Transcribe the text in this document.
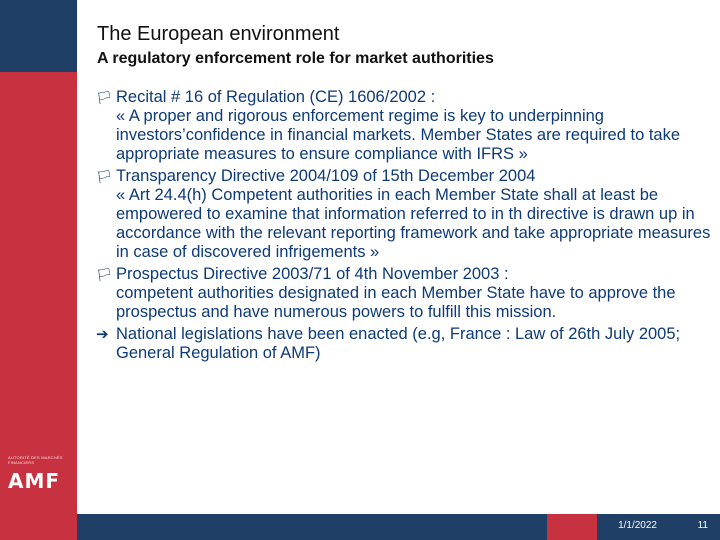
AUTORITÉ DES MARCHÉS FINANCIERS
AMF
The European environment
A regulatory enforcement role for market authorities
🏳︎ Recital # 16 of Regulation (CE) 1606/2002 :
« A proper and rigorous enforcement regime is key to underpinning investors’confidence in financial markets. Member States are required to take appropriate measures to ensure compliance with IFRS »
🏳︎ Transparency Directive 2004/109 of 15th December 2004
« Art 24.4(h) Competent authorities in each Member State shall at least be empowered to examine that information referred to in th directive is drawn up in accordance with the relevant reporting framework and take appropriate measures in case of discovered infrigements »
🏳︎ Prospectus Directive 2003/71 of 4th November 2003 :
competent authorities designated in each Member State have to approve the prospectus and have numerous powers to fulfill this mission.
➔ National legislations have been enacted (e.g, France : Law of 26th July 2005; General Regulation of AMF)
1/1/2022	11
